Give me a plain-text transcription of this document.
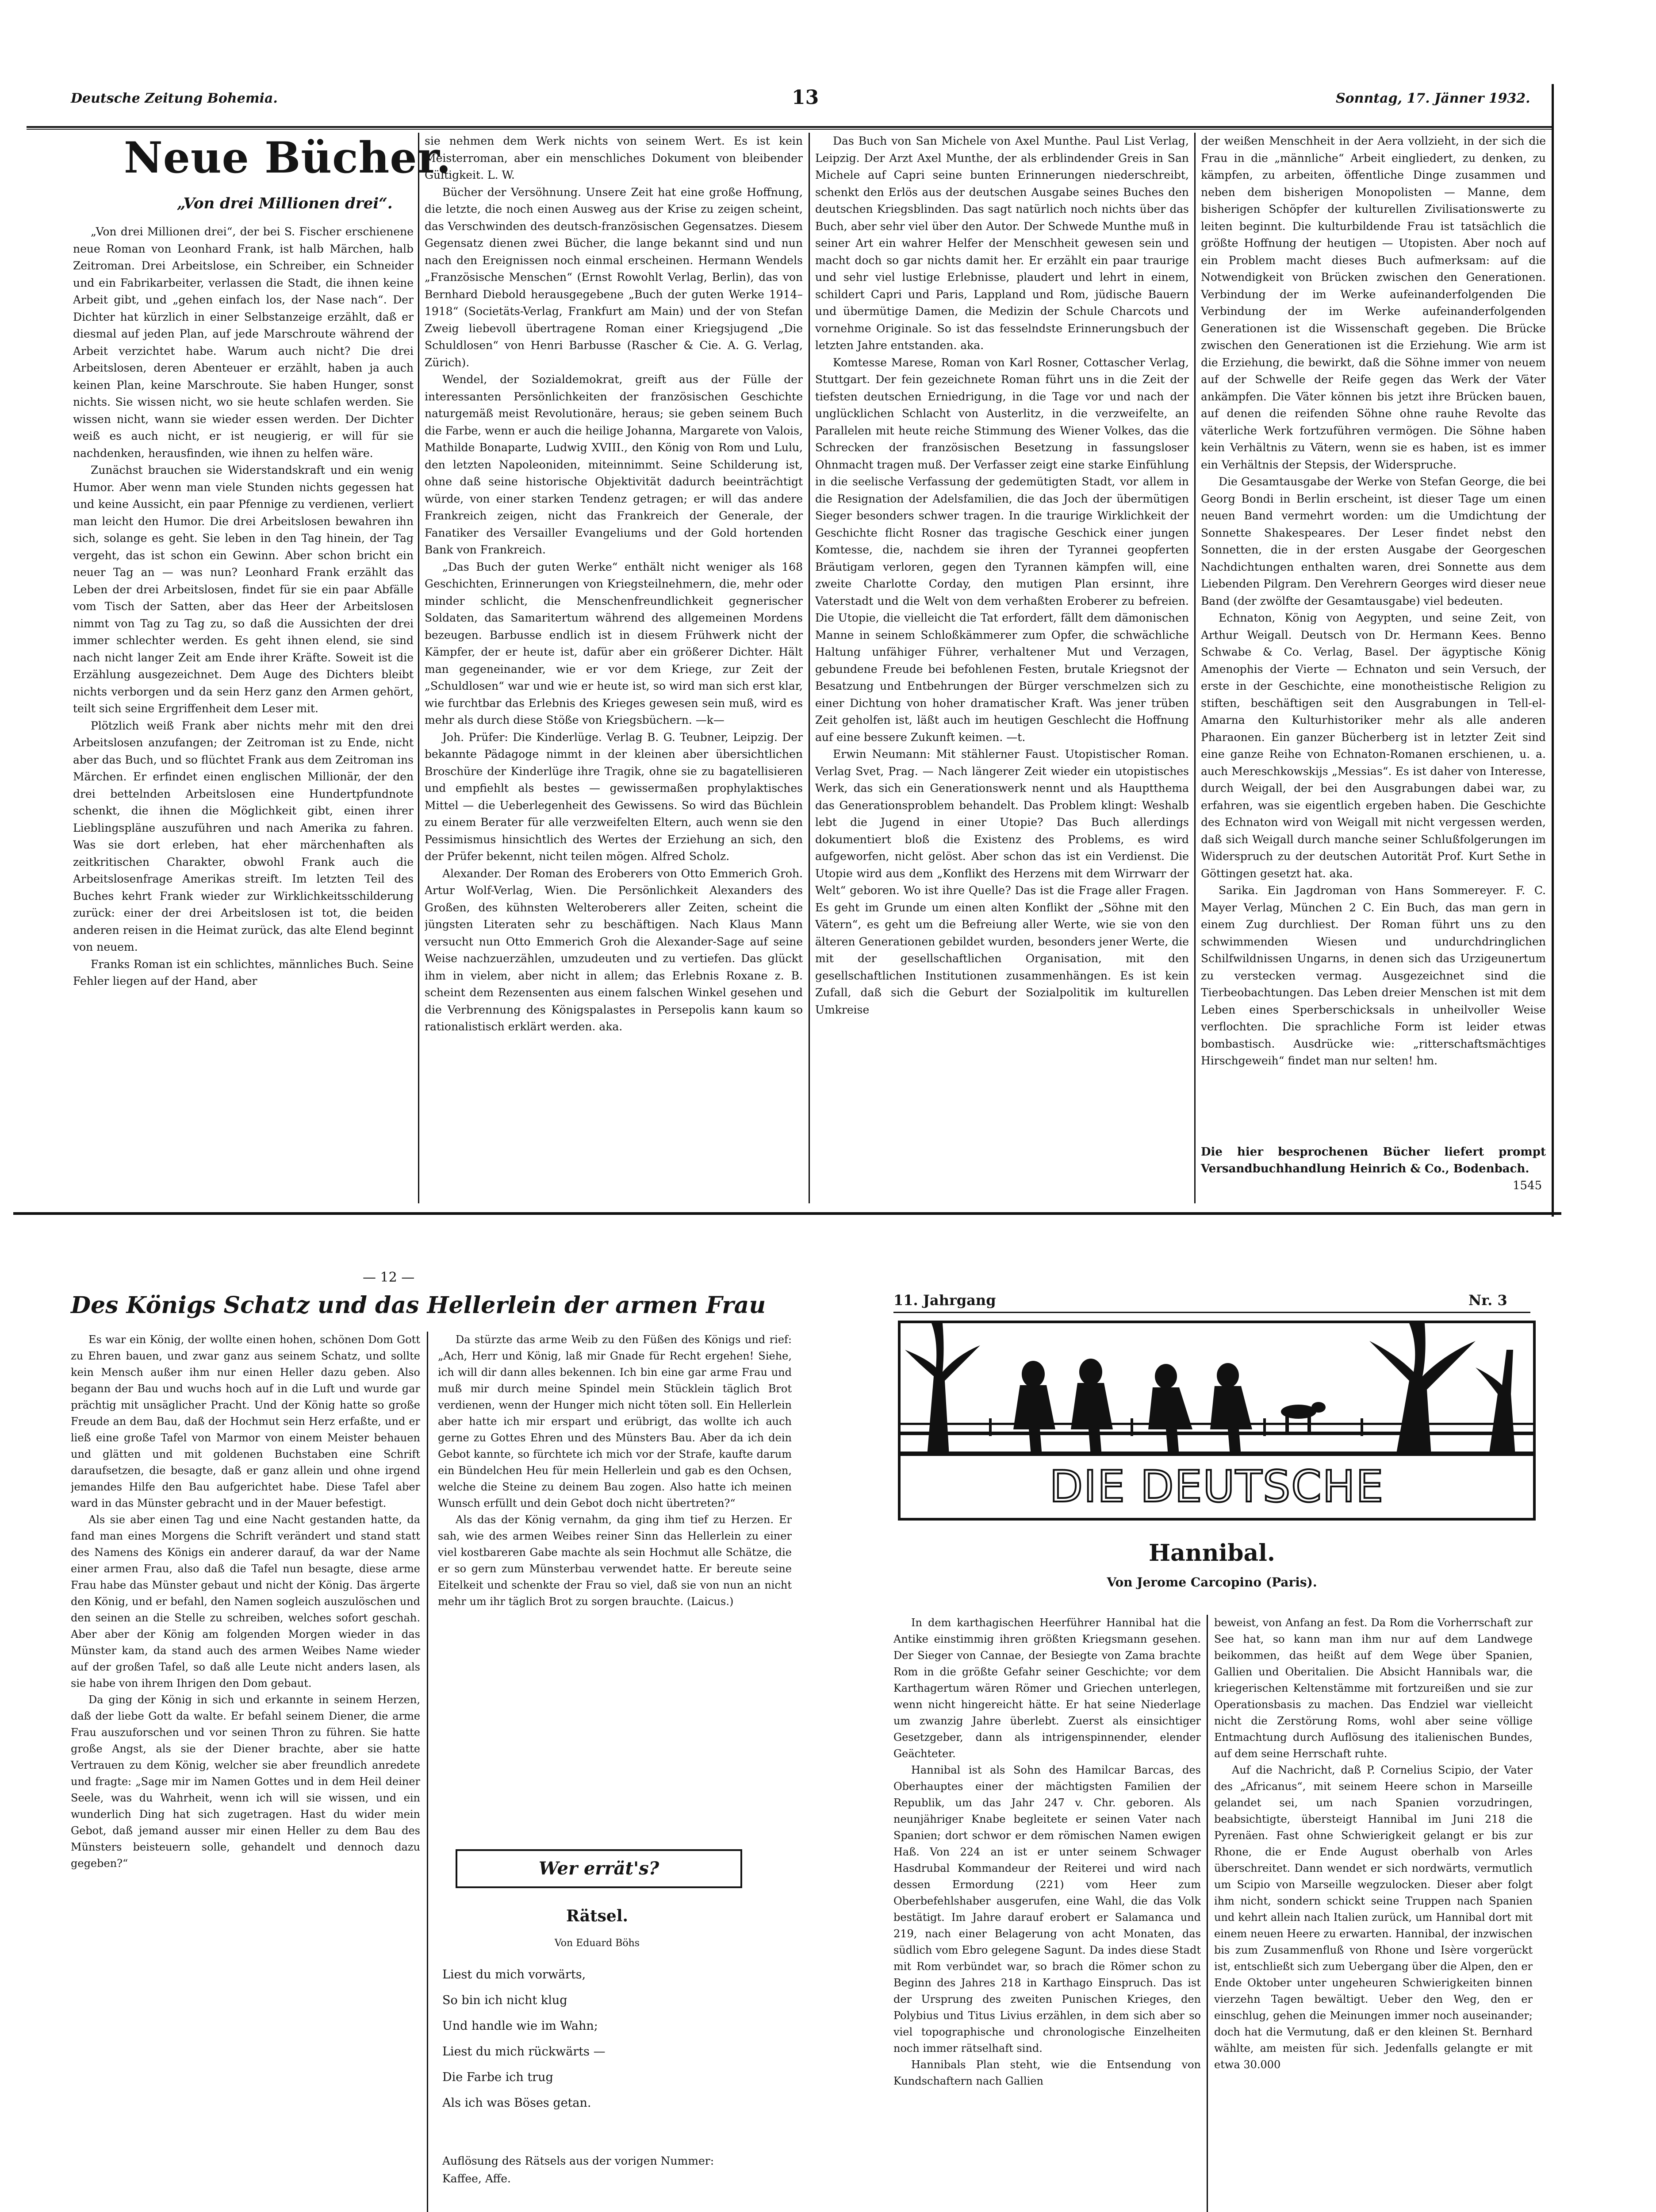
Deutsche Zeitung Bohemia.	13	Sonntag, 17. Jänner 1932.
Neue Bücher.
„Von drei Millionen drei“.

„Von drei Millionen drei“, der bei S. Fischer erschienene neue Roman von Leonhard Frank, ist halb Märchen, halb Zeitroman. Drei Arbeitslose, ein Schreiber, ein Schneider und ein Fabrikarbeiter, verlassen die Stadt, die ihnen keine Arbeit gibt, und „gehen einfach los, der Nase nach“. Der Dichter hat kürzlich in einer Selbstanzeige erzählt, daß er diesmal auf jeden Plan, auf jede Marschroute während der Arbeit verzichtet habe. Warum auch nicht? Die drei Arbeitslosen, deren Abenteuer er erzählt, haben ja auch keinen Plan, keine Marschroute. Sie haben Hunger, sonst nichts. Sie wissen nicht, wo sie heute schlafen werden. Sie wissen nicht, wann sie wieder essen werden. Der Dichter weiß es auch nicht, er ist neugierig, er will für sie nachdenken, herausfinden, wie ihnen zu helfen wäre.

Zunächst brauchen sie Widerstandskraft und ein wenig Humor. Aber wenn man viele Stunden nichts gegessen hat und keine Aussicht, ein paar Pfennige zu verdienen, verliert man leicht den Humor. Die drei Arbeitslosen bewahren ihn sich, solange es geht. Sie leben in den Tag hinein, der Tag vergeht, das ist schon ein Gewinn. Aber schon bricht ein neuer Tag an — was nun? Leonhard Frank erzählt das Leben der drei Arbeitslosen, findet für sie ein paar Abfälle vom Tisch der Satten, aber das Heer der Arbeitslosen nimmt von Tag zu Tag zu, so daß die Aussichten der drei immer schlechter werden. Es geht ihnen elend, sie sind nach nicht langer Zeit am Ende ihrer Kräfte. Soweit ist die Erzählung ausgezeichnet. Dem Auge des Dichters bleibt nichts verborgen und da sein Herz ganz den Armen gehört, teilt sich seine Ergriffenheit dem Leser mit.

Plötzlich weiß Frank aber nichts mehr mit den drei Arbeitslosen anzufangen; der Zeitroman ist zu Ende, nicht aber das Buch, und so flüchtet Frank aus dem Zeitroman ins Märchen. Er erfindet einen englischen Millionär, der den drei bettelnden Arbeitslosen eine Hundertpfundnote schenkt, die ihnen die Möglichkeit gibt, einen ihrer Lieblingspläne auszuführen und nach Amerika zu fahren. Was sie dort erleben, hat eher märchenhaften als zeitkritischen Charakter, obwohl Frank auch die Arbeitslosenfrage Amerikas streift. Im letzten Teil des Buches kehrt Frank wieder zur Wirklichkeitsschilderung zurück: einer der drei Arbeitslosen ist tot, die beiden anderen reisen in die Heimat zurück, das alte Elend beginnt von neuem.

Franks Roman ist ein schlichtes, männliches Buch. Seine Fehler liegen auf der Hand, aber

sie nehmen dem Werk nichts von seinem Wert. Es ist kein Meisterroman, aber ein menschliches Dokument von bleibender Gültigkeit. L. W.

Bücher der Versöhnung. Unsere Zeit hat eine große Hoffnung, die letzte, die noch einen Ausweg aus der Krise zu zeigen scheint, das Verschwinden des deutsch-französischen Gegensatzes. Diesem Gegensatz dienen zwei Bücher, die lange bekannt sind und nun nach den Ereignissen noch einmal erscheinen. Hermann Wendels „Französische Menschen“ (Ernst Rowohlt Verlag, Berlin), das von Bernhard Diebold herausgegebene „Buch der guten Werke 1914–1918“ (Societäts-Verlag, Frankfurt am Main) und der von Stefan Zweig liebevoll übertragene Roman einer Kriegsjugend „Die Schuldlosen“ von Henri Barbusse (Rascher & Cie. A. G. Verlag, Zürich).

Wendel, der Sozialdemokrat, greift aus der Fülle der interessanten Persönlichkeiten der französischen Geschichte naturgemäß meist Revolutionäre, heraus; sie geben seinem Buch die Farbe, wenn er auch die heilige Johanna, Margarete von Valois, Mathilde Bonaparte, Ludwig XVIII., den König von Rom und Lulu, den letzten Napoleoniden, miteinnimmt. Seine Schilderung ist, ohne daß seine historische Objektivität dadurch beeinträchtigt würde, von einer starken Tendenz getragen; er will das andere Frankreich zeigen, nicht das Frankreich der Generale, der Fanatiker des Versailler Evangeliums und der Gold hortenden Bank von Frankreich.

„Das Buch der guten Werke“ enthält nicht weniger als 168 Geschichten, Erinnerungen von Kriegsteilnehmern, die, mehr oder minder schlicht, die Menschenfreundlichkeit gegnerischer Soldaten, das Samaritertum während des allgemeinen Mordens bezeugen. Barbusse endlich ist in diesem Frühwerk nicht der Kämpfer, der er heute ist, dafür aber ein größerer Dichter. Hält man gegeneinander, wie er vor dem Kriege, zur Zeit der „Schuldlosen“ war und wie er heute ist, so wird man sich erst klar, wie furchtbar das Erlebnis des Krieges gewesen sein muß, wird es mehr als durch diese Stöße von Kriegsbüchern. —k—

Joh. Prüfer: Die Kinderlüge. Verlag B. G. Teubner, Leipzig. Der bekannte Pädagoge nimmt in der kleinen aber übersichtlichen Broschüre der Kinderlüge ihre Tragik, ohne sie zu bagatellisieren und empfiehlt als bestes — gewissermaßen prophylaktisches Mittel — die Ueberlegenheit des Gewissens. So wird das Büchlein zu einem Berater für alle verzweifelten Eltern, auch wenn sie den Pessimismus hinsichtlich des Wertes der Erziehung an sich, den der Prüfer bekennt, nicht teilen mögen. Alfred Scholz.

Alexander. Der Roman des Eroberers von Otto Emmerich Groh. Artur Wolf-Verlag, Wien. Die Persönlichkeit Alexanders des Großen, des kühnsten Welteroberers aller Zeiten, scheint die jüngsten Literaten sehr zu beschäftigen. Nach Klaus Mann versucht nun Otto Emmerich Groh die Alexander-Sage auf seine Weise nachzuerzählen, umzudeuten und zu vertiefen. Das glückt ihm in vielem, aber nicht in allem; das Erlebnis Roxane z. B. scheint dem Rezensenten aus einem falschen Winkel gesehen und die Verbrennung des Königspalastes in Persepolis kann kaum so rationalistisch erklärt werden. aka.

Das Buch von San Michele von Axel Munthe. Paul List Verlag, Leipzig. Der Arzt Axel Munthe, der als erblindender Greis in San Michele auf Capri seine bunten Erinnerungen niederschreibt, schenkt den Erlös aus der deutschen Ausgabe seines Buches den deutschen Kriegsblinden. Das sagt natürlich noch nichts über das Buch, aber sehr viel über den Autor. Der Schwede Munthe muß in seiner Art ein wahrer Helfer der Menschheit gewesen sein und macht doch so gar nichts damit her. Er erzählt ein paar traurige und sehr viel lustige Erlebnisse, plaudert und lehrt in einem, schildert Capri und Paris, Lappland und Rom, jüdische Bauern und übermütige Damen, die Medizin der Schule Charcots und vornehme Originale. So ist das fesselndste Erinnerungsbuch der letzten Jahre entstanden. aka.

Komtesse Marese, Roman von Karl Rosner, Cottascher Verlag, Stuttgart. Der fein gezeichnete Roman führt uns in die Zeit der tiefsten deutschen Erniedrigung, in die Tage vor und nach der unglücklichen Schlacht von Austerlitz, in die verzweifelte, an Parallelen mit heute reiche Stimmung des Wiener Volkes, das die Schrecken der französischen Besetzung in fassungsloser Ohnmacht tragen muß. Der Verfasser zeigt eine starke Einfühlung in die seelische Verfassung der gedemütigten Stadt, vor allem in die Resignation der Adelsfamilien, die das Joch der übermütigen Sieger besonders schwer tragen. In die traurige Wirklichkeit der Geschichte flicht Rosner das tragische Geschick einer jungen Komtesse, die, nachdem sie ihren der Tyrannei geopferten Bräutigam verloren, gegen den Tyrannen kämpfen will, eine zweite Charlotte Corday, den mutigen Plan ersinnt, ihre Vaterstadt und die Welt von dem verhaßten Eroberer zu befreien. Die Utopie, die vielleicht die Tat erfordert, fällt dem dämonischen Manne in seinem Schloßkämmerer zum Opfer, die schwächliche Haltung unfähiger Führer, verhaltener Mut und Verzagen, gebundene Freude bei befohlenen Festen, brutale Kriegsnot der Besatzung und Entbehrungen der Bürger verschmelzen sich zu einer Dichtung von hoher dramatischer Kraft. Was jener trüben Zeit geholfen ist, läßt auch im heutigen Geschlecht die Hoffnung auf eine bessere Zukunft keimen. —t.

Erwin Neumann: Mit stählerner Faust. Utopistischer Roman. Verlag Svet, Prag. — Nach längerer Zeit wieder ein utopistisches Werk, das sich ein Generationswerk nennt und als Hauptthema das Generationsproblem behandelt. Das Problem klingt: Weshalb lebt die Jugend in einer Utopie? Das Buch allerdings dokumentiert bloß die Existenz des Problems, es wird aufgeworfen, nicht gelöst. Aber schon das ist ein Verdienst. Die Utopie wird aus dem „Konflikt des Herzens mit dem Wirrwarr der Welt“ geboren. Wo ist ihre Quelle? Das ist die Frage aller Fragen. Es geht im Grunde um einen alten Konflikt der „Söhne mit den Vätern“, es geht um die Befreiung aller Werte, wie sie von den älteren Generationen gebildet wurden, besonders jener Werte, die mit der gesellschaftlichen Organisation, mit den gesellschaftlichen Institutionen zusammenhängen. Es ist kein Zufall, daß sich die Geburt der Sozialpolitik im kulturellen Umkreise

der weißen Menschheit in der Aera vollzieht, in der sich die Frau in die „männliche“ Arbeit eingliedert, zu denken, zu kämpfen, zu arbeiten, öffentliche Dinge zusammen und neben dem bisherigen Monopolisten — Manne, dem bisherigen Schöpfer der kulturellen Zivilisationswerte zu leiten beginnt. Die kulturbildende Frau ist tatsächlich die größte Hoffnung der heutigen — Utopisten. Aber noch auf ein Problem macht dieses Buch aufmerksam: auf die Notwendigkeit von Brücken zwischen den Generationen. Verbindung der im Werke aufeinanderfolgenden Die Verbindung der im Werke aufeinanderfolgenden Generationen ist die Wissenschaft gegeben. Die Brücke zwischen den Generationen ist die Erziehung. Wie arm ist die Erziehung, die bewirkt, daß die Söhne immer von neuem auf der Schwelle der Reife gegen das Werk der Väter ankämpfen. Die Väter können bis jetzt ihre Brücken bauen, auf denen die reifenden Söhne ohne rauhe Revolte das väterliche Werk fortzuführen vermögen. Die Söhne haben kein Verhältnis zu Vätern, wenn sie es haben, ist es immer ein Verhältnis der Stepsis, der Widerspruche.

Die Gesamtausgabe der Werke von Stefan George, die bei Georg Bondi in Berlin erscheint, ist dieser Tage um einen neuen Band vermehrt worden: um die Umdichtung der Sonnette Shakespeares. Der Leser findet nebst den Sonnetten, die in der ersten Ausgabe der Georgeschen Nachdichtungen enthalten waren, drei Sonnette aus dem Liebenden Pilgram. Den Verehrern Georges wird dieser neue Band (der zwölfte der Gesamtausgabe) viel bedeuten.

Echnaton, König von Aegypten, und seine Zeit, von Arthur Weigall. Deutsch von Dr. Hermann Kees. Benno Schwabe & Co. Verlag, Basel. Der ägyptische König Amenophis der Vierte — Echnaton und sein Versuch, der erste in der Geschichte, eine monotheistische Religion zu stiften, beschäftigen seit den Ausgrabungen in Tell-el-Amarna den Kulturhistoriker mehr als alle anderen Pharaonen. Ein ganzer Bücherberg ist in letzter Zeit sind eine ganze Reihe von Echnaton-Romanen erschienen, u. a. auch Mereschkowskijs „Messias“. Es ist daher von Interesse, durch Weigall, der bei den Ausgrabungen dabei war, zu erfahren, was sie eigentlich ergeben haben. Die Geschichte des Echnaton wird von Weigall mit nicht vergessen werden, daß sich Weigall durch manche seiner Schlußfolgerungen im Widerspruch zu der deutschen Autorität Prof. Kurt Sethe in Göttingen gesetzt hat. aka.

Sarika. Ein Jagdroman von Hans Sommereyer. F. C. Mayer Verlag, München 2 C. Ein Buch, das man gern in einem Zug durchliest. Der Roman führt uns zu den schwimmenden Wiesen und undurchdringlichen Schilfwildnissen Ungarns, in denen sich das Urzigeunertum zu verstecken vermag. Ausgezeichnet sind die Tierbeobachtungen. Das Leben dreier Menschen ist mit dem Leben eines Sperberschicksals in unheilvoller Weise verflochten. Die sprachliche Form ist leider etwas bombastisch. Ausdrücke wie: „ritterschaftsmächtiges Hirschgeweih“ findet man nur selten! hm.

Die hier besprochenen Bücher liefert prompt Versandbuchhandlung Heinrich & Co., Bodenbach.
1545
— 12 —
Des Königs Schatz und das Hellerlein der armen Frau

Es war ein König, der wollte einen hohen, schönen Dom Gott zu Ehren bauen, und zwar ganz aus seinem Schatz, und sollte kein Mensch außer ihm nur einen Heller dazu geben. Also begann der Bau und wuchs hoch auf in die Luft und wurde gar prächtig mit unsäglicher Pracht. Und der König hatte so große Freude an dem Bau, daß der Hochmut sein Herz erfaßte, und er ließ eine große Tafel von Marmor von einem Meister behauen und glätten und mit goldenen Buchstaben eine Schrift daraufsetzen, die besagte, daß er ganz allein und ohne irgend jemandes Hilfe den Bau aufgerichtet habe. Diese Tafel aber ward in das Münster gebracht und in der Mauer befestigt.

Als sie aber einen Tag und eine Nacht gestanden hatte, da fand man eines Morgens die Schrift verändert und stand statt des Namens des Königs ein anderer darauf, da war der Name einer armen Frau, also daß die Tafel nun besagte, diese arme Frau habe das Münster gebaut und nicht der König. Das ärgerte den König, und er befahl, den Namen sogleich auszulöschen und den seinen an die Stelle zu schreiben, welches sofort geschah. Aber aber der König am folgenden Morgen wieder in das Münster kam, da stand auch des armen Weibes Name wieder auf der großen Tafel, so daß alle Leute nicht anders lasen, als sie habe von ihrem Ihrigen den Dom gebaut.

Da ging der König in sich und erkannte in seinem Herzen, daß der liebe Gott da walte. Er befahl seinem Diener, die arme Frau auszuforschen und vor seinen Thron zu führen. Sie hatte große Angst, als sie der Diener brachte, aber sie hatte Vertrauen zu dem König, welcher sie aber freundlich anredete und fragte: „Sage mir im Namen Gottes und in dem Heil deiner Seele, was du Wahrheit, wenn ich will sie wissen, und ein wunderlich Ding hat sich zugetragen. Hast du wider mein Gebot, daß jemand ausser mir einen Heller zu dem Bau des Münsters beisteuern solle, gehandelt und dennoch dazu gegeben?“

Da stürzte das arme Weib zu den Füßen des Königs und rief: „Ach, Herr und König, laß mir Gnade für Recht ergehen! Siehe, ich will dir dann alles bekennen. Ich bin eine gar arme Frau und muß mir durch meine Spindel mein Stücklein täglich Brot verdienen, wenn der Hunger mich nicht töten soll. Ein Hellerlein aber hatte ich mir erspart und erübrigt, das wollte ich auch gerne zu Gottes Ehren und des Münsters Bau. Aber da ich dein Gebot kannte, so fürchtete ich mich vor der Strafe, kaufte darum ein Bündelchen Heu für mein Hellerlein und gab es den Ochsen, welche die Steine zu deinem Bau zogen. Also hatte ich meinen Wunsch erfüllt und dein Gebot doch nicht übertreten?“

Als das der König vernahm, da ging ihm tief zu Herzen. Er sah, wie des armen Weibes reiner Sinn das Hellerlein zu einer viel kostbareren Gabe machte als sein Hochmut alle Schätze, die er so gern zum Münsterbau verwendet hatte. Er bereute seine Eitelkeit und schenkte der Frau so viel, daß sie von nun an nicht mehr um ihr täglich Brot zu sorgen brauchte. (Laicus.)

Wer errät's?
Rätsel.
Von Eduard Böhs
Liest du mich vorwärts,
So bin ich nicht klug
Und handle wie im Wahn;
Liest du mich rückwärts —
Die Farbe ich trug
Als ich was Böses getan.
Auflösung des Rätsels aus der vorigen Nummer: Kaffee, Affe.
11. Jahrgang	Nr. 3
DIE DEUTSCHE
Hannibal.
Von Jerome Carcopino (Paris).

In dem karthagischen Heerführer Hannibal hat die Antike einstimmig ihren größten Kriegsmann gesehen. Der Sieger von Cannae, der Besiegte von Zama brachte Rom in die größte Gefahr seiner Geschichte; vor dem Karthagertum wären Römer und Griechen unterlegen, wenn nicht hingereicht hätte. Er hat seine Niederlage um zwanzig Jahre überlebt. Zuerst als einsichtiger Gesetzgeber, dann als intrigenspinnender, elender Geächteter.

Hannibal ist als Sohn des Hamilcar Barcas, des Oberhauptes einer der mächtigsten Familien der Republik, um das Jahr 247 v. Chr. geboren. Als neunjähriger Knabe begleitete er seinen Vater nach Spanien; dort schwor er dem römischen Namen ewigen Haß. Von 224 an ist er unter seinem Schwager Hasdrubal Kommandeur der Reiterei und wird nach dessen Ermordung (221) vom Heer zum Oberbefehlshaber ausgerufen, eine Wahl, die das Volk bestätigt. Im Jahre darauf erobert er Salamanca und 219, nach einer Belagerung von acht Monaten, das südlich vom Ebro gelegene Sagunt. Da indes diese Stadt mit Rom verbündet war, so brach die Römer schon zu Beginn des Jahres 218 in Karthago Einspruch. Das ist der Ursprung des zweiten Punischen Krieges, den Polybius und Titus Livius erzählen, in dem sich aber so viel topographische und chronologische Einzelheiten noch immer rätselhaft sind.

Hannibals Plan steht, wie die Entsendung von Kundschaftern nach Gallien

beweist, von Anfang an fest. Da Rom die Vorherrschaft zur See hat, so kann man ihm nur auf dem Landwege beikommen, das heißt auf dem Wege über Spanien, Gallien und Oberitalien. Die Absicht Hannibals war, die kriegerischen Keltenstämme mit fortzureißen und sie zur Operationsbasis zu machen. Das Endziel war vielleicht nicht die Zerstörung Roms, wohl aber seine völlige Entmachtung durch Auflösung des italienischen Bundes, auf dem seine Herrschaft ruhte.

Auf die Nachricht, daß P. Cornelius Scipio, der Vater des „Africanus“, mit seinem Heere schon in Marseille gelandet sei, um nach Spanien vorzudringen, beabsichtigte, übersteigt Hannibal im Juni 218 die Pyrenäen. Fast ohne Schwierigkeit gelangt er bis zur Rhone, die er Ende August oberhalb von Arles überschreitet. Dann wendet er sich nordwärts, vermutlich um Scipio von Marseille wegzulocken. Dieser aber folgt ihm nicht, sondern schickt seine Truppen nach Spanien und kehrt allein nach Italien zurück, um Hannibal dort mit einem neuen Heere zu erwarten. Hannibal, der inzwischen bis zum Zusammenfluß von Rhone und Isère vorgerückt ist, entschließt sich zum Uebergang über die Alpen, den er Ende Oktober unter ungeheuren Schwierigkeiten binnen vierzehn Tagen bewältigt. Ueber den Weg, den er einschlug, gehen die Meinungen immer noch auseinander; doch hat die Vermutung, daß er den kleinen St. Bernhard wählte, am meisten für sich. Jedenfalls gelangte er mit etwa 30.000
